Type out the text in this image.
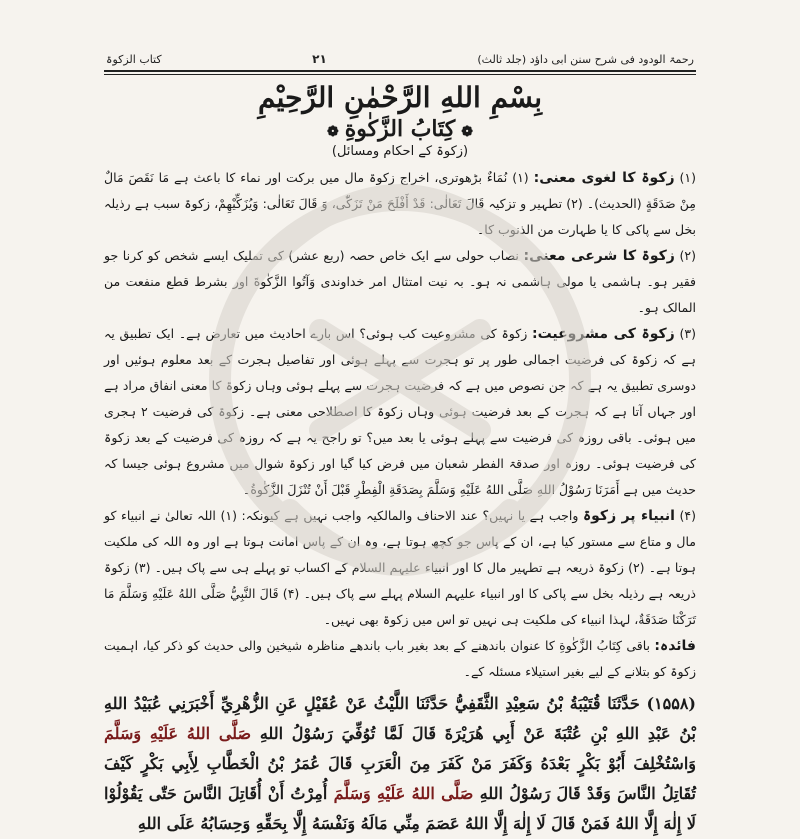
رحمۃ الودود فی شرح سنن ابی داؤد (جلد ثالث)
۲۱
کتاب الزکوۃ
بِسْمِ اللهِ الرَّحْمٰنِ الرَّحِيْمِ
❁كِتَابُ الزَّكٰوةِ❁
(زکوۃ کے احکام ومسائل)

(۱) زکوۃ کا لغوی معنی: (۱) نُمَاءٌ بڑھوتری، اخراج زکوۃ مال میں برکت اور نماء کا باعث ہے مَا نَقَصَ مَالٌ مِنْ صَدَقَةٍ (الحدیث)۔ (۲) تطہیر و تزکیہ قَالَ تَعَالٰی: قَدْ أَفْلَحَ مَنْ تَزَكّٰى، وَ قَالَ تَعَالٰی: وَيُزَكِّيْهِمْ، زکوۃ سبب ہے رذیلہ بخل سے پاکی کا یا طہارت من الذنوب کا۔

(۲) زکوۃ کا شرعی معنی: نصاب حولی سے ایک خاص حصہ (ربع عشر) کی تملیک ایسے شخص کو کرنا جو فقیر ہو۔ ہاشمی یا مولی ہاشمی نہ ہو۔ بہ نیت امتثال امر خداوندی وَآتُوا الزَّكٰوةَ اور بشرط قطع منفعت من المالک ہو۔

(۳) زکوۃ کی مشروعیت: زکوۃ کی مشروعیت کب ہوئی؟ اس بارے احادیث میں تعارض ہے۔ ایک تطبیق یہ ہے کہ زکوۃ کی فرضیت اجمالی طور پر تو ہجرت سے پہلے ہوئی اور تفاصیل ہجرت کے بعد معلوم ہوئیں اور دوسری تطبیق یہ ہے کہ جن نصوص میں ہے کہ فرضیت ہجرت سے پہلے ہوئی وہاں زکوۃ کا معنی انفاق مراد ہے اور جہاں آتا ہے کہ ہجرت کے بعد فرضیت ہوئی وہاں زکوۃ کا اصطلاحی معنی ہے۔ زکوۃ کی فرضیت ۲ ہجری میں ہوئی۔ باقی روزہ کی فرضیت سے پہلے ہوئی یا بعد میں؟ تو راجح یہ ہے کہ روزہ کی فرضیت کے بعد زکوۃ کی فرضیت ہوئی۔ روزہ اور صدقۃ الفطر شعبان میں فرض کیا گیا اور زکوۃ شوال میں مشروع ہوئی جیسا کہ حدیث میں ہے أَمَرَنَا رَسُوْلُ اللهِ صَلَّى اللهُ عَلَيْهِ وَسَلَّمَ بِصَدَقَةِ الْفِطْرِ قَبْلَ أَنْ تُنْزَلَ الزَّكٰوةُ۔

(۴) انبیاء پر زکوۃ واجب ہے یا نہیں؟ عند الاحناف والمالکیہ واجب نہیں ہے کیونکہ: (۱) اللہ تعالیٰ نے انبیاء کو مال و متاع سے مستور کیا ہے، ان کے پاس جو کچھ ہوتا ہے، وہ ان کے پاس امانت ہوتا ہے اور وہ اللہ کی ملکیت ہوتا ہے۔ (۲) زکوۃ ذریعہ ہے تطہیر مال کا اور انبیاء علیہم السلام کے اکساب تو پہلے ہی سے پاک ہیں۔ (۳) زکوۃ ذریعہ ہے رذیلہ بخل سے پاکی کا اور انبیاء علیہم السلام پہلے سے پاک ہیں۔ (۴) قَالَ النَّبِيُّ صَلَّى اللهُ عَلَيْهِ وَسَلَّمَ مَا تَرَكْنَا صَدَقَةٌ، لہذا انبیاء کی ملکیت ہی نہیں تو اس میں زکوۃ بھی نہیں۔

فائدہ: باقی كِتَابُ الزَّكٰوةِ کا عنوان باندھنے کے بعد بغیر باب باندھے مناظرہ شیخین والی حدیث کو ذکر کیا، اہمیت زکوۃ کو بتلانے کے لیے بغیر استیلاء مسئلہ کے۔

(۱۵۵۸) حَدَّثَنَا قُتَيْبَةُ بْنُ سَعِيْدِ الثَّقَفِيُّ حَدَّثَنَا اللَّيْثُ عَنْ عُقَيْلٍ عَنِ الزُّهْرِيِّ أَخْبَرَنِي عُبَيْدُ اللهِ بْنُ عَبْدِ اللهِ بْنِ عُتْبَةَ عَنْ أَبِي هُرَيْرَةَ قَالَ لَمَّا تُوُفِّيَ رَسُوْلُ اللهِ صَلَّى اللهُ عَلَيْهِ وَسَلَّمَ وَاسْتُخْلِفَ أَبُوْ بَكْرٍ بَعْدَهُ وَكَفَرَ مَنْ كَفَرَ مِنَ الْعَرَبِ قَالَ عُمَرُ بْنُ الْخَطَّابِ لِأَبِي بَكْرٍ كَيْفَ تُقَاتِلُ النَّاسَ وَقَدْ قَالَ رَسُوْلُ اللهِ صَلَّى اللهُ عَلَيْهِ وَسَلَّمَ أُمِرْتُ أَنْ أُقَاتِلَ النَّاسَ حَتّٰى يَقُوْلُوْا لَا إِلٰهَ إِلَّا اللهُ فَمَنْ قَالَ لَا إِلٰهَ إِلَّا اللهُ عَصَمَ مِنِّي مَالَهُ وَنَفْسَهُ إِلَّا بِحَقِّهِ وَحِسَابُهُ عَلَى اللهِ
